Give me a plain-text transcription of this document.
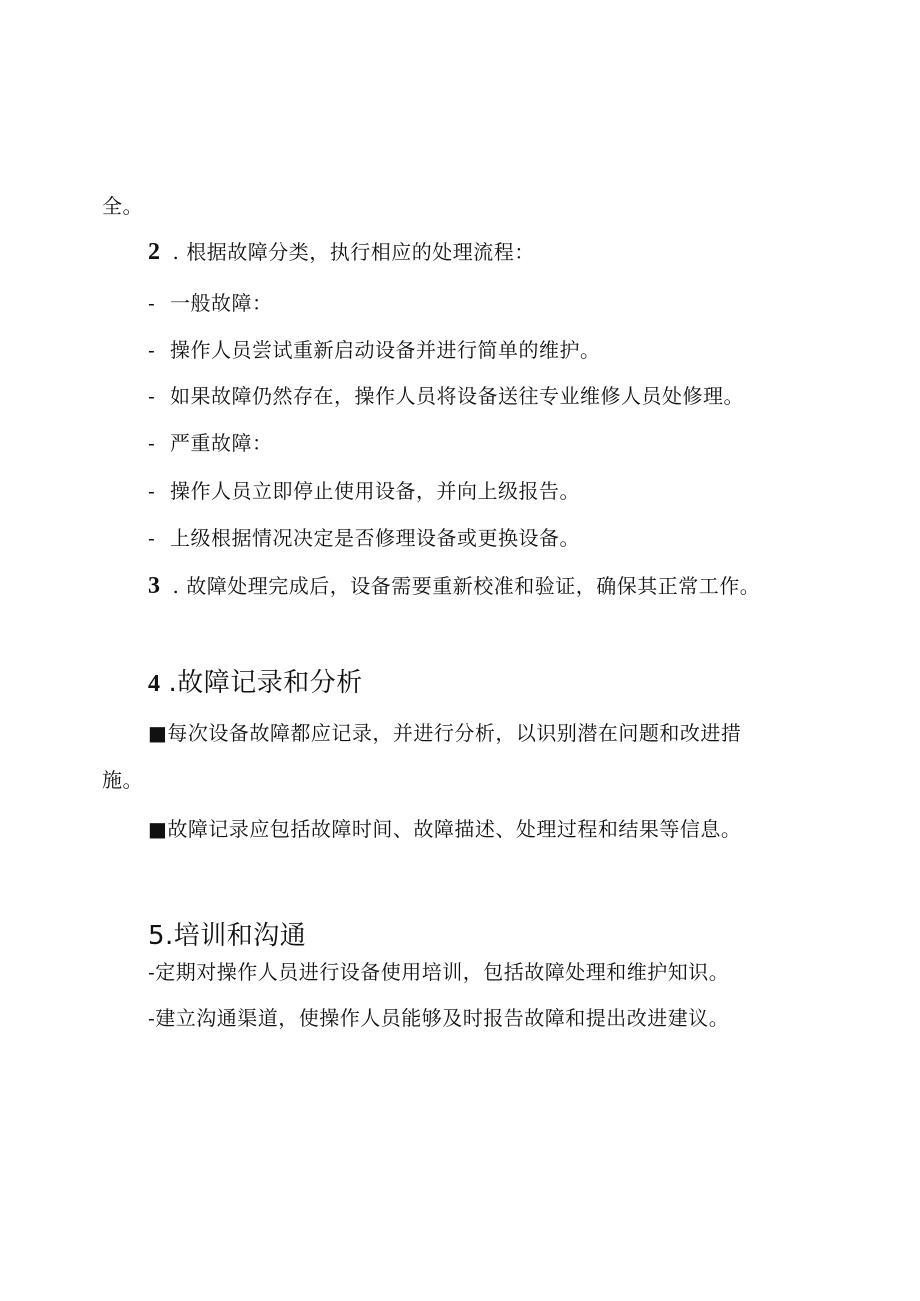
全。
2 . 根据故障分类，执行相应的处理流程：
- 一般故障：
- 操作人员尝试重新启动设备并进行简单的维护。
- 如果故障仍然存在，操作人员将设备送往专业维修人员处修理。
- 严重故障：
- 操作人员立即停止使用设备，并向上级报告。
- 上级根据情况决定是否修理设备或更换设备。
3 . 故障处理完成后，设备需要重新校准和验证，确保其正常工作。
4 .故障记录和分析
■每次设备故障都应记录，并进行分析，以识别潜在问题和改进措
施。
■故障记录应包括故障时间、故障描述、处理过程和结果等信息。
5.培训和沟通
-定期对操作人员进行设备使用培训，包括故障处理和维护知识。
-建立沟通渠道，使操作人员能够及时报告故障和提出改进建议。
